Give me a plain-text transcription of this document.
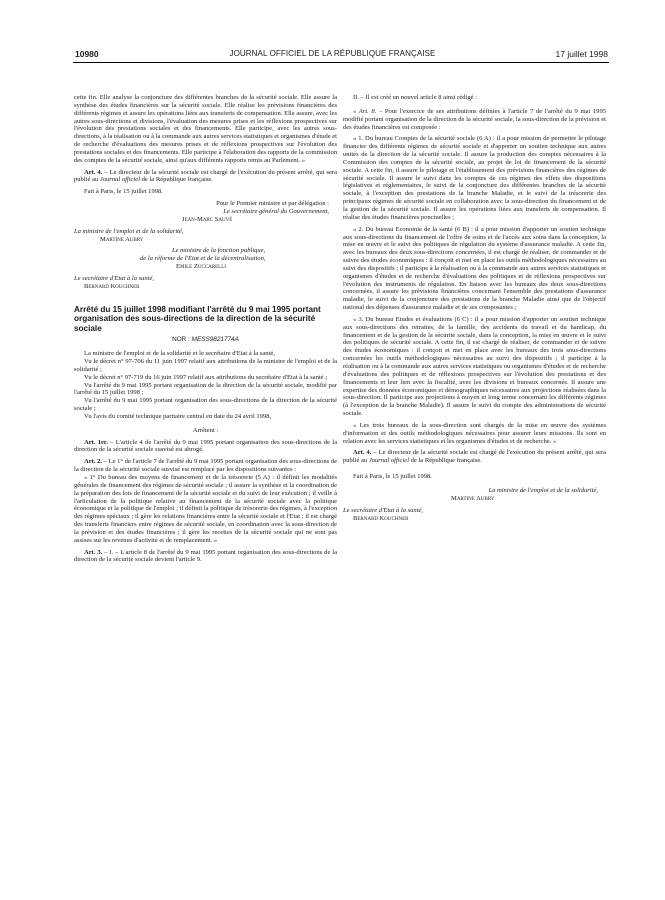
10980	JOURNAL OFFICIEL DE LA RÉPUBLIQUE FRANÇAISE	17 juillet 1998

cette fin. Elle analyse la conjoncture des différentes branches de la sécurité sociale. Elle assure la synthèse des études financières sur la sécurité sociale. Elle réalise les prévisions financières des différents régimes et assure les opérations liées aux transferts de compensation. Elle assure, avec les autres sous-directions et divisions, l'évaluation des mesures prises et les réflexions prospectives sur l'évolution des prestations sociales et des financements. Elle participe, avec les autres sous-directions, à la réalisation ou à la commande aux autres services statistiques et organismes d'étude et de recherche d'évaluations des mesures prises et de réflexions prospectives sur l'évolution des prestations sociales et des financements. Elle participe à l'élaboration des rapports de la commission des comptes de la sécurité sociale, ainsi qu'aux différents rapports remis au Parlement. »

Art. 4. – Le directeur de la sécurité sociale est chargé de l'exécution du présent arrêté, qui sera publié au Journal officiel de la République française.

Fait à Paris, le 15 juillet 1998.

Pour le Premier ministre et par délégation :

Le secrétaire général du Gouvernement,

Jean-Marc Sauvé

La ministre de l'emploi et de la solidarité,

Martine Aubry

Le ministre de la fonction publique,

de la réforme de l'Etat et de la décentralisation,

Emile Zuccarelli

Le secrétaire d'Etat à la santé,

Bernard Kouchner

Arrêté du 15 juillet 1998 modifiant l'arrêté du 9 mai 1995 portant organisation des sous-directions de la direction de la sécurité sociale

NOR : MESS9821774A

La ministre de l'emploi et de la solidarité et le secrétaire d'Etat à la santé,

Vu le décret n° 97-706 du 11 juin 1997 relatif aux attributions de la ministre de l'emploi et de la solidarité ;

Vu le décret n° 97-719 du 16 juin 1997 relatif aux attributions du secrétaire d'Etat à la santé ;

Vu l'arrêté du 9 mai 1995 portant organisation de la direction de la sécurité sociale, modifié par l'arrêté du 15 juillet 1998 ;

Vu l'arrêté du 9 mai 1995 portant organisation des sous-directions de la direction de la sécurité sociale ;

Vu l'avis du comité technique paritaire central en date du 24 avril 1998,

Arrêtent :

Art. 1er. – L'article 4 de l'arrêté du 9 mai 1995 portant organisation des sous-directions de la direction de la sécurité sociale susvisé est abrogé.

Art. 2. – Le 1° de l'article 7 de l'arrêté du 9 mai 1995 portant organisation des sous-directions de la direction de la sécurité sociale susvisé est remplacé par les dispositions suivantes :

« 1° Du bureau des moyens de financement et de la trésorerie (5 A) : il définit les modalités générales de financement des régimes de sécurité sociale ; il assure la synthèse et la coordination de la préparation des lois de financement de la sécurité sociale et du suivi de leur exécution ; il veille à l'articulation de la politique relative au financement de la sécurité sociale avec la politique économique et la politique de l'emploi ; il définit la politique de trésorerie des régimes, à l'exception des régimes spéciaux ; il gère les relations financières entre la sécurité sociale et l'Etat ; il est chargé des transferts financiers entre régimes de sécurité sociale, en coordination avec la sous-direction de la prévision et des études financières ; il gère les recettes de la sécurité sociale qui ne sont pas assises sur les revenus d'activité et de remplacement. »

Art. 3. – I. – L'article 8 de l'arrêté du 9 mai 1995 portant organisation des sous-directions de la direction de la sécurité sociale devient l'article 9.

II. – Il est créé un nouvel article 8 ainsi rédigé :

« Art. 8. – Pour l'exercice de ses attributions définies à l'article 7 de l'arrêté du 9 mai 1995 modifié portant organisation de la direction de la sécurité sociale, la sous-direction de la prévision et des études financières est composée :

« 1. Du bureau Comptes de la sécurité sociale (6 A) : il a pour mission de permettre le pilotage financier des différents régimes de sécurité sociale et d'apporter un soutien technique aux autres unités de la direction de la sécurité sociale. Il assure la production des comptes nécessaires à la Commission des comptes de la sécurité sociale, au projet de loi de financement de la sécurité sociale. A cette fin, il assure le pilotage et l'établissement des prévisions financières des régimes de sécurité sociale. Il assure le suivi dans les comptes de ces régimes des effets des dispositions législatives et réglementaires, le suivi de la conjoncture des différentes branches de la sécurité sociale, à l'exception des prestations de la branche Maladie, et le suivi de la trésorerie des principaux régimes de sécurité sociale en collaboration avec la sous-direction du financement et de la gestion de la sécurité sociale. Il assure les opérations liées aux transferts de compensation. Il réalise des études financières ponctuelles ;

« 2. Du bureau Economie de la santé (6 B) : il a pour mission d'apporter un soutien technique aux sous-directions du financement de l'offre de soins et de l'accès aux soins dans la conception, la mise en œuvre et le suivi des politiques de régulation du système d'assurance maladie. A cette fin, avec les bureaux des deux sous-directions concernées, il est chargé de réaliser, de commander et de suivre des études économiques : il conçoit et met en place les outils méthodologiques nécessaires au suivi des dispositifs ; il participe à la réalisation ou à la commande aux autres services statistiques et organismes d'études et de recherche d'évaluations des politiques et de réflexions prospectives sur l'évolution des instruments de régulation. En liaison avec les bureaux des deux sous-directions concernées, il assure les prévisions financières concernant l'ensemble des prestations d'assurance maladie, le suivi de la conjoncture des prestations de la branche Maladie ainsi que de l'objectif national des dépenses d'assurance maladie et de ses composantes ;

« 3. Du bureau Etudes et évaluations (6 C) : il a pour mission d'apporter un soutien technique aux sous-directions des retraites, de la famille, des accidents du travail et du handicap, du financement et de la gestion de la sécurité sociale, dans la conception, la mise en œuvre et le suivi des politiques de sécurité sociale. A cette fin, il est chargé de réaliser, de commander et de suivre des études économiques : il conçoit et met en place avec les bureaux des trois sous-directions concernées les outils méthodologiques nécessaires au suivi des dispositifs ; il participe à la réalisation ou à la commande aux autres services statistiques ou organismes d'études et de recherche d'évaluations des politiques et de réflexions prospectives sur l'évolution des prestations et des financements et leur lien avec la fiscalité, avec les divisions et bureaux concernés. Il assure une expertise des données économiques et démographiques nécessaires aux projections réalisées dans la sous-direction. Il participe aux projections à moyen et long terme concernant les différents régimes (à l'exception de la branche Maladie). Il assure le suivi du compte des administrations de sécurité sociale.

« Les trois bureaux de la sous-direction sont chargés de la mise en œuvre des systèmes d'information et des outils méthodologiques nécessaires pour assurer leurs missions. Ils sont en relation avec les services statistiques et les organismes d'études et de recherche. »

Art. 4. – Le directeur de la sécurité sociale est chargé de l'exécution du présent arrêté, qui sera publié au Journal officiel de la République française.

Fait à Paris, le 15 juillet 1998.

La ministre de l'emploi et de la solidarité,

Martine Aubry

Le secrétaire d'Etat à la santé,

Bernard Kouchner
